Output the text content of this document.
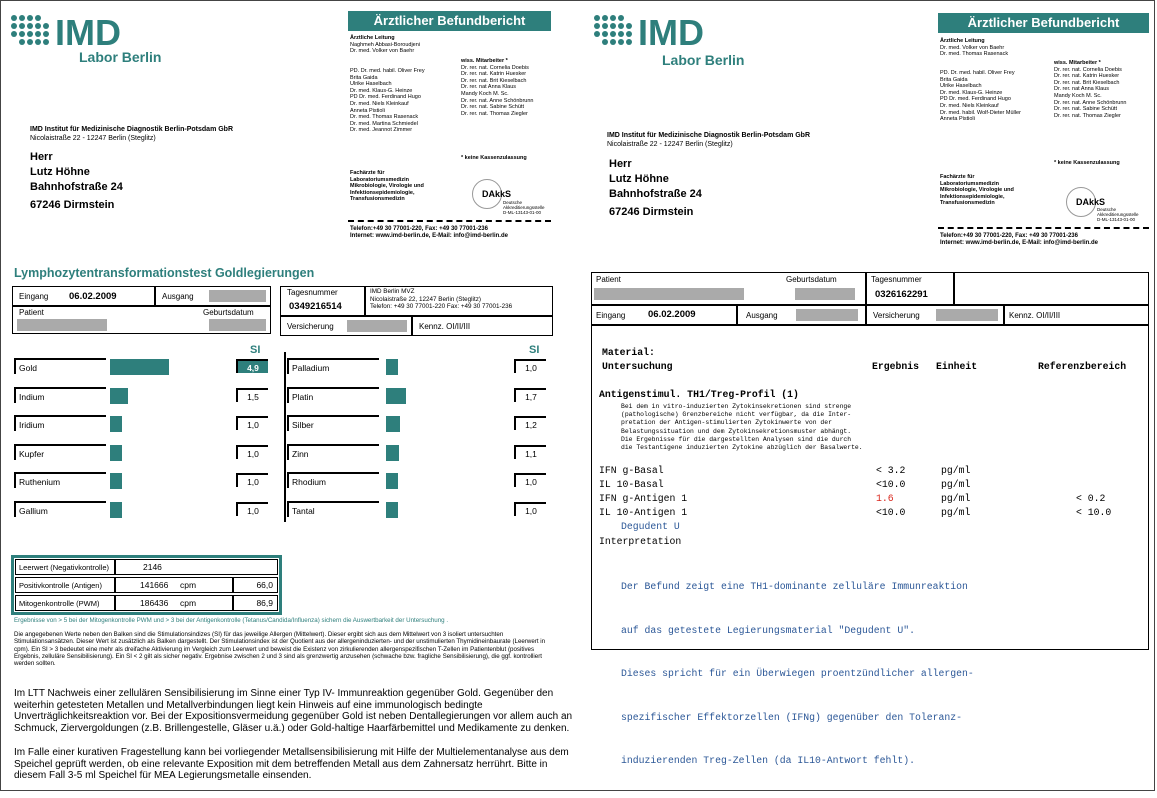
IMD
Labor Berlin
Ärztlicher Befundbericht
Ärztliche Leitung
Naghmeh Abbasi-Boroudjeni
Dr. med. Volker von Baehr
PD. Dr. med. habil. Oliver Frey
Brita Gaida
Ulrike Haselbach
Dr. med. Klaus-G. Heinze
PD Dr. med. Ferdinand Hugo
Dr. med. Niels Kleinkauf
Anneta Pistioli
Dr. med. Thomas Rasenack
Dr. med. Martina Schmiedel
Dr. med. Jeannot Zimmer
wiss. Mitarbeiter *
Dr. rer. nat. Cornelia Doebis
Dr. rer. nat. Katrin Huesker
Dr. rer. nat. Brit Kieselbach
Dr. rer. nat Anna Klaus
Mandy Koch M. Sc.
Dr. rer. nat. Anne Schönbrunn
Dr. rer. nat. Sabine Schütt
Dr. rer. nat. Thomas Ziegler
* keine Kassenzulassung
Fachärzte für
Laboratoriumsmedizin
Mikrobiologie, Virologie und
Infektionsepidemiologie,
Transfusionsmedizin
DAkkS
Deutsche
Akkreditierungsstelle
D-ML-13143-01-00
Telefon:+49 30 77001-220, Fax: +49 30 77001-236
Internet: www.imd-berlin.de, E-Mail: info@imd-berlin.de
IMD Institut für Medizinische Diagnostik Berlin-Potsdam GbR
Nicolaistraße 22 - 12247 Berlin (Steglitz)
Herr
Lutz Höhne
Bahnhofstraße 24
67246 Dirmstein
Lymphozytentransformationstest Goldlegierungen
Eingang 06.02.2009	Ausgang
Patient	Geburtsdatum
Tagesnummer
0349216514
IMD Berlin MVZ
Nicolaistraße 22, 12247 Berlin (Steglitz)
Telefon: +49 30 77001-220 Fax: +49 30 77001-236
Versicherung	Kennz. OI/II/III
SI	SI
Gold	4,9
Indium	1,5
Iridium	1,0
Kupfer	1,0
Ruthenium	1,0
Gallium	1,0
Palladium	1,0
Platin	1,7
Silber	1,2
Zinn	1,1
Rhodium	1,0
Tantal	1,0
Leerwert (Negativkontrolle)	2146
Positivkontrolle (Antigen)	141666 cpm	66,0
Mitogenkontrolle (PWM)	186436 cpm	86,9
Ergebnisse von > 5 bei der Mitogenkontrolle PWM und > 3 bei der Antigenkontrolle (Tetanus/Candida/Influenza) sichern die Auswertbarkeit der Untersuchung .
Die angegebenen Werte neben den Balken sind die Stimulationsindizes (SI) für das jeweilige Allergen (Mittelwert). Dieser ergibt sich aus dem Mittelwert von 3 isoliert untersuchten Stimulationsansätzen. Dieser Wert ist zusätzlich als Balken dargestellt. Der Stimulationsindex ist der Quotient aus der allergeninduzierten- und der unstimulierten Thymidineinbaurate (Leerwert in cpm). Ein SI > 3 bedeutet eine mehr als dreifache Aktivierung im Vergleich zum Leerwert und beweist die Existenz von zirkulierenden allergenspezifischen T-Zellen im Patientenblut (positives Ergebnis, zelluläre Sensibilisierung). Ein SI < 2 gilt als sicher negativ. Ergebnise zwischen 2 und 3 sind als grenzwertig anzusehen (schwache bzw. fragliche Sensibilisierung), die ggf. kontrolliert werden sollten.
Im LTT Nachweis einer zellulären Sensibilisierung im Sinne einer Typ IV- Immunreaktion gegenüber Gold. Gegenüber den weiterhin getesteten Metallen und Metallverbindungen liegt kein Hinweis auf eine immunologisch bedingte Unverträglichkeitsreaktion vor. Bei der Expositionsvermeidung gegenüber Gold ist neben Dentallegierungen vor allem auch an Schmuck, Ziervergoldungen (z.B. Brillengestelle, Gläser u.ä.) oder Gold-haltige Haarfärbemittel und Medikamente zu denken.
Im Falle einer kurativen Fragestellung kann bei vorliegender Metallsensibilisierung mit Hilfe der Multielementanalyse aus dem Speichel geprüft werden, ob eine relevante Exposition mit dem betreffenden Metall aus dem Zahnersatz herrührt. Bitte in diesem Fall 3-5 ml Speichel für MEA Legierungsmetalle einsenden.
IMD
Labor Berlin
Ärztlicher Befundbericht
Ärztliche Leitung
Dr. med. Volker von Baehr
Dr. med. Thomas Rasenack
PD. Dr. med. habil. Oliver Frey
Brita Gaida
Ulrike Haselbach
Dr. med. Klaus-G. Heinze
PD Dr. med. Ferdinand Hugo
Dr. med. Niels Kleinkauf
Dr. med. habil. Wolf-Dieter Müller
Anneta Pistioli
wiss. Mitarbeiter *
Dr. rer. nat. Cornelia Doebis
Dr. rer. nat. Katrin Huesker
Dr. rer. nat. Brit Kieselbach
Dr. rer. nat Anna Klaus
Mandy Koch M. Sc.
Dr. rer. nat. Anne Schönbrunn
Dr. rer. nat. Sabine Schütt
Dr. rer. nat. Thomas Ziegler
* keine Kassenzulassung
Fachärzte für
Laboratoriumsmedizin
Mikrobiologie, Virologie und
Infektionsepidemiologie,
Transfusionsmedizin	DAkkS
Deutsche
Akkreditierungsstelle
D-ML-13143-01-00
Telefon:+49 30 77001-220, Fax: +49 30 77001-236
Internet: www.imd-berlin.de, E-Mail: info@imd-berlin.de
IMD Institut für Medizinische Diagnostik Berlin-Potsdam GbR
Nicolaistraße 22 - 12247 Berlin (Steglitz)
Herr
Lutz Höhne
Bahnhofstraße 24
67246 Dirmstein
Patient	Geburtsdatum	Tagesnummer
0326162291
Eingang 06.02.2009	Ausgang	Versicherung	Kennz. OI/II/III
Material:
Untersuchung	Ergebnis Einheit	Referenzbereich
Antigenstimul. TH1/Treg-Profil (1)
Bei dem in vitro-induzierten Zytokinsekretionen sind strenge
(pathologische) Grenzbereiche nicht verfügbar, da die Inter-
pretation der Antigen-stimulierten Zytokinwerte von der
Belastungssituation und dem Zytokinsekretionsmuster abhängt.
Die Ergebnisse für die dargestellten Analysen sind die durch
die Testantigene induzierten Zytokine abzüglich der Basalwerte.
IFN g-Basal	< 3.2	pg/ml
IL 10-Basal	<10.0	pg/ml
IFN g-Antigen 1	1.6	pg/ml	< 0.2
IL 10-Antigen 1	<10.0	pg/ml	< 10.0
Degudent U
Interpretation

Der Befund zeigt eine TH1-dominante zelluläre Immunreaktion

auf das getestete Legierungsmaterial "Degudent U".

Dieses spricht für ein Überwiegen proentzündlicher allergen-

spezifischer Effektorzellen (IFNg) gegenüber den Toleranz-

induzierenden Treg-Zellen (da IL10-Antwort fehlt).
